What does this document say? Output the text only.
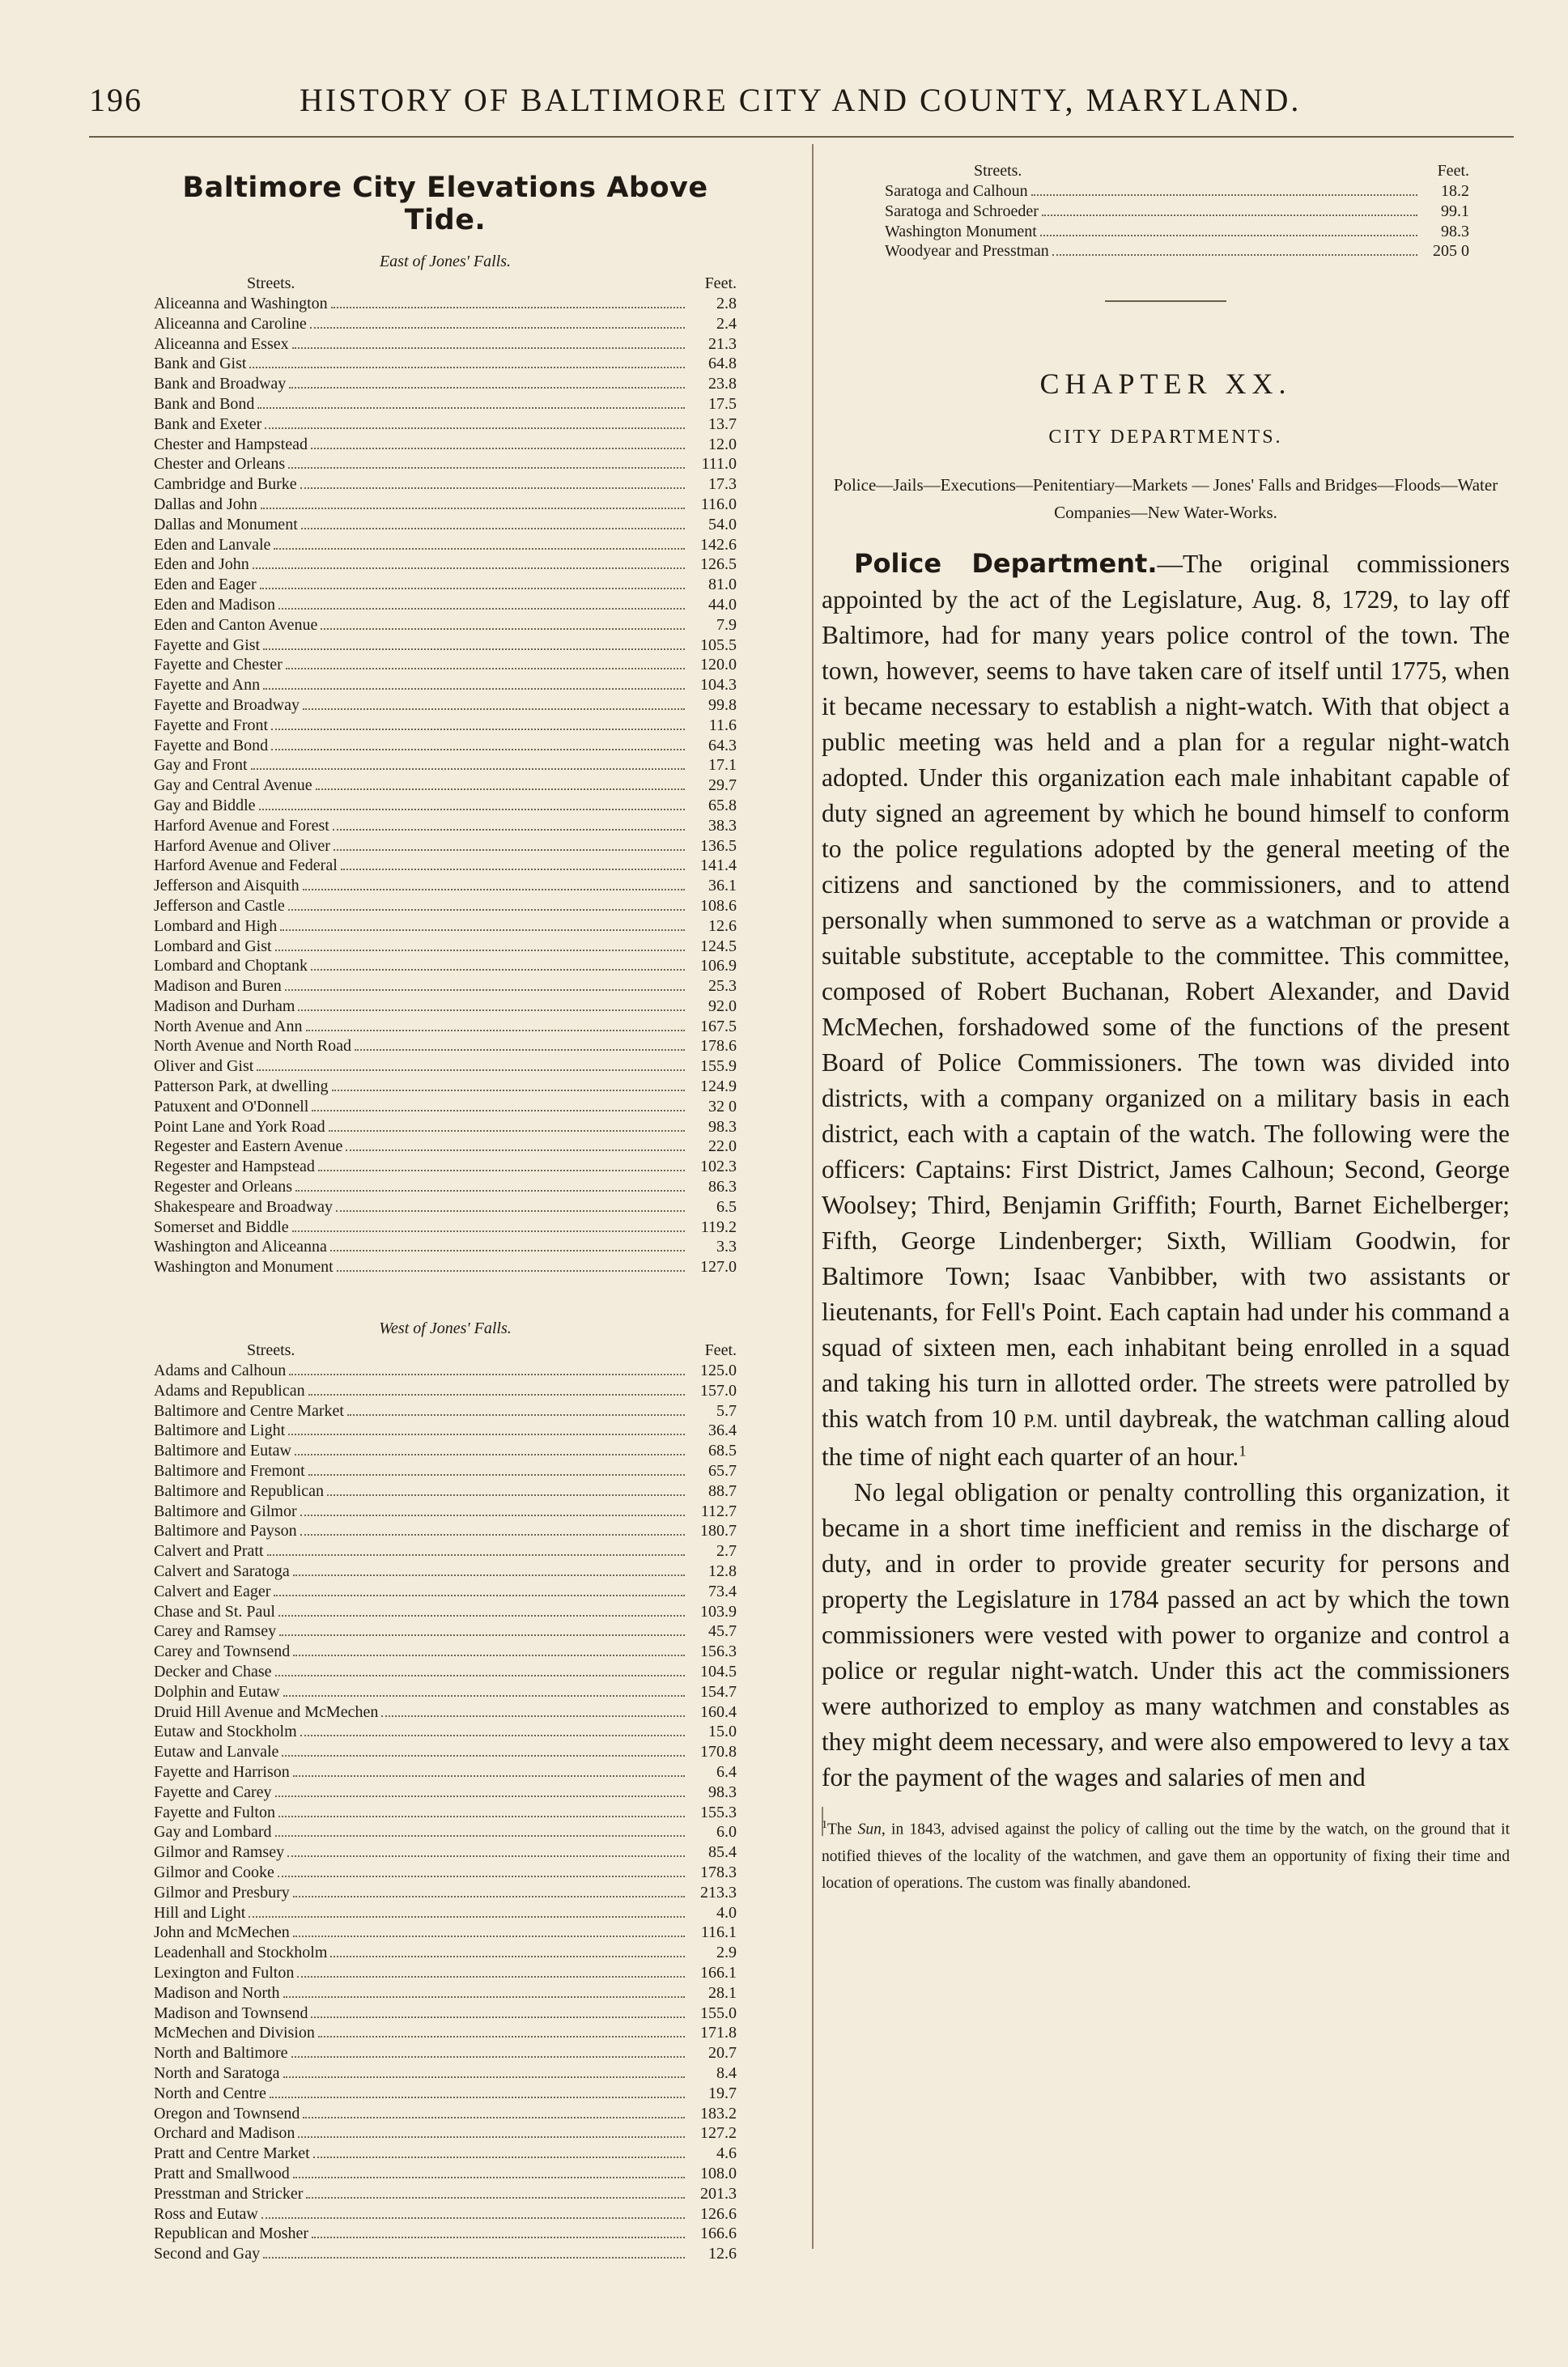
196	HISTORY OF BALTIMORE CITY AND COUNTY, MARYLAND.
Baltimore City Elevations Above Tide.
East of Jones' Falls.
Streets.	Feet.
Aliceanna and Washington	2.8
Aliceanna and Caroline	2.4
Aliceanna and Essex	21.3
Bank and Gist	64.8
Bank and Broadway	23.8
Bank and Bond	17.5
Bank and Exeter	13.7
Chester and Hampstead	12.0
Chester and Orleans	111.0
Cambridge and Burke	17.3
Dallas and John	116.0
Dallas and Monument	54.0
Eden and Lanvale	142.6
Eden and John	126.5
Eden and Eager	81.0
Eden and Madison	44.0
Eden and Canton Avenue	7.9
Fayette and Gist	105.5
Fayette and Chester	120.0
Fayette and Ann	104.3
Fayette and Broadway	99.8
Fayette and Front	11.6
Fayette and Bond	64.3
Gay and Front	17.1
Gay and Central Avenue	29.7
Gay and Biddle	65.8
Harford Avenue and Forest	38.3
Harford Avenue and Oliver	136.5
Harford Avenue and Federal	141.4
Jefferson and Aisquith	36.1
Jefferson and Castle	108.6
Lombard and High	12.6
Lombard and Gist	124.5
Lombard and Choptank	106.9
Madison and Buren	25.3
Madison and Durham	92.0
North Avenue and Ann	167.5
North Avenue and North Road	178.6
Oliver and Gist	155.9
Patterson Park, at dwelling	124.9
Patuxent and O'Donnell	32 0
Point Lane and York Road	98.3
Regester and Eastern Avenue	22.0
Regester and Hampstead	102.3
Regester and Orleans	86.3
Shakespeare and Broadway	6.5
Somerset and Biddle	119.2
Washington and Aliceanna	3.3
Washington and Monument	127.0
West of Jones' Falls.
Streets.	Feet.
Adams and Calhoun	125.0
Adams and Republican	157.0
Baltimore and Centre Market	5.7
Baltimore and Light	36.4
Baltimore and Eutaw	68.5
Baltimore and Fremont	65.7
Baltimore and Republican	88.7
Baltimore and Gilmor	112.7
Baltimore and Payson	180.7
Calvert and Pratt	2.7
Calvert and Saratoga	12.8
Calvert and Eager	73.4
Chase and St. Paul	103.9
Carey and Ramsey	45.7
Carey and Townsend	156.3
Decker and Chase	104.5
Dolphin and Eutaw	154.7
Druid Hill Avenue and McMechen	160.4
Eutaw and Stockholm	15.0
Eutaw and Lanvale	170.8
Fayette and Harrison	6.4
Fayette and Carey	98.3
Fayette and Fulton	155.3
Gay and Lombard	6.0
Gilmor and Ramsey	85.4
Gilmor and Cooke	178.3
Gilmor and Presbury	213.3
Hill and Light	4.0
John and McMechen	116.1
Leadenhall and Stockholm	2.9
Lexington and Fulton	166.1
Madison and North	28.1
Madison and Townsend	155.0
McMechen and Division	171.8
North and Baltimore	20.7
North and Saratoga	8.4
North and Centre	19.7
Oregon and Townsend	183.2
Orchard and Madison	127.2
Pratt and Centre Market	4.6
Pratt and Smallwood	108.0
Presstman and Stricker	201.3
Ross and Eutaw	126.6
Republican and Mosher	166.6
Second and Gay	12.6
Streets.	Feet.
Saratoga and Calhoun	18.2
Saratoga and Schroeder	99.1
Washington Monument	98.3
Woodyear and Presstman	205 0
CHAPTER XX.
CITY DEPARTMENTS.
Police—Jails—Executions—Penitentiary—Markets — Jones' Falls and Bridges—Floods—Water Companies—New Water-Works.

Police Department.—The original commissioners appointed by the act of the Legislature, Aug. 8, 1729, to lay off Baltimore, had for many years police control of the town. The town, however, seems to have taken care of itself until 1775, when it became necessary to establish a night-watch. With that object a public meeting was held and a plan for a regular night-watch adopted. Under this organization each male inhabitant capable of duty signed an agreement by which he bound himself to conform to the police regulations adopted by the general meeting of the citizens and sanctioned by the commissioners, and to attend personally when summoned to serve as a watchman or provide a suitable substitute, acceptable to the committee. This committee, composed of Robert Buchanan, Robert Alexander, and David McMechen, forshadowed some of the functions of the present Board of Police Commissioners. The town was divided into districts, with a company organized on a military basis in each district, each with a captain of the watch. The following were the officers: Captains: First District, James Calhoun; Second, George Woolsey; Third, Benjamin Griffith; Fourth, Barnet Eichelberger; Fifth, George Lindenberger; Sixth, William Goodwin, for Baltimore Town; Isaac Vanbibber, with two assistants or lieutenants, for Fell's Point. Each captain had under his command a squad of sixteen men, each inhabitant being enrolled in a squad and taking his turn in allotted order. The streets were patrolled by this watch from 10 P.M. until daybreak, the watchman calling aloud the time of night each quarter of an hour.$^1$

No legal obligation or penalty controlling this organization, it became in a short time inefficient and remiss in the discharge of duty, and in order to provide greater security for persons and property the Legislature in 1784 passed an act by which the town commissioners were vested with power to organize and control a police or regular night-watch. Under this act the commissioners were authorized to employ as many watchmen and constables as they might deem necessary, and were also empowered to levy a tax for the payment of the wages and salaries of men and

$^1$The Sun, in 1843, advised against the policy of calling out the time by the watch, on the ground that it notified thieves of the locality of the watchmen, and gave them an opportunity of fixing their time and location of operations. The custom was finally abandoned.
